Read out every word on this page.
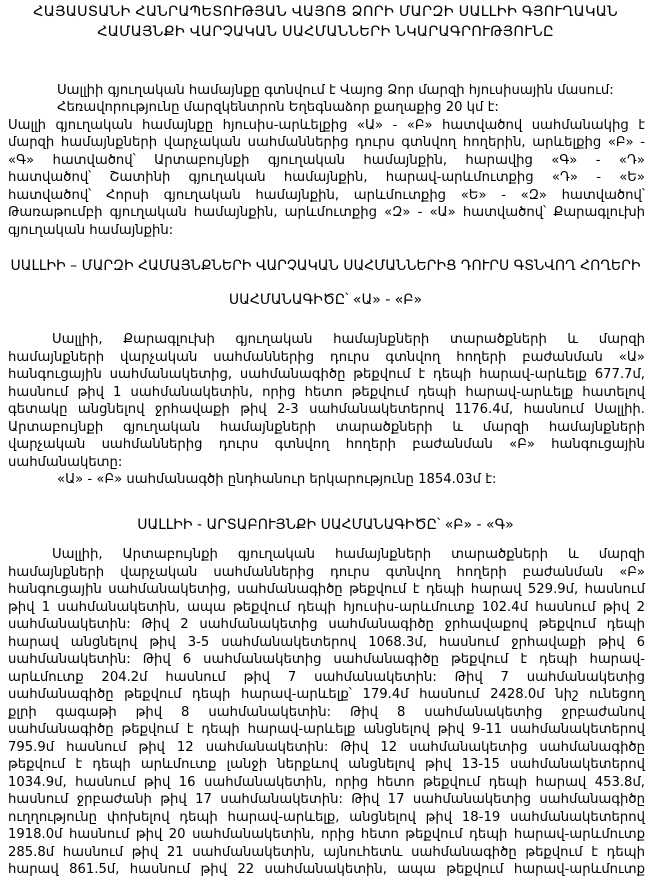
ՀԱՅԱՍՏԱՆԻ ՀԱՆՐԱՊԵՏՈՒԹՅԱՆ ՎԱՅՈՑ ՁՈՐԻ ՄԱՐԶԻ ՍԱԼԼԻԻ ԳՅՈՒՂԱԿԱՆ
ՀԱՄԱՅՆՔԻ ՎԱՐՉԱԿԱՆ ՍԱՀՄԱՆՆԵՐԻ ՆԿԱՐԱԳՐՈՒԹՅՈՒՆԸ
Սալլիի գյուղական համայնքը գտնվում է Վայոց Ձոր մարզի հյուսիսային մասում:
Հեռավորությունը մարզկենտրոն Եղեգնաձոր քաղաքից 20 կմ է:
Սալլի գյուղական համայնքը հյուսիս-արևելքից «Ա» - «Բ» հատվածով սահմանակից է
մարզի համայնքների վարչական սահմաններից դուրս գտնվող հողերին, արևելքից «Բ» -
«Գ» հատվածով՝ Արտաբույնքի գյուղական համայնքին, հարավից «Գ» - «Դ»
հատվածով՝ Շատինի գյուղական համայնքին, հարավ-արևմուտքից «Դ» - «Ե»
հատվածով՝ Հորսի գյուղական համայնքին, արևմուտքից «Ե» - «Զ» հատվածով՝
Թառաթումբի գյուղական համայնքին, արևմուտքից «Զ» - «Ա» հատվածով՝ Քարագլուխի
գյուղական համայնքին:
ՍԱԼԼԻԻ – ՄԱՐԶԻ ՀԱՄԱՅՆՔՆԵՐԻ ՎԱՐՉԱԿԱՆ ՍԱՀՄԱՆՆԵՐԻՑ ԴՈՒՐՍ ԳՏՆՎՈՂ ՀՈՂԵՐԻ
ՍԱՀՄԱՆԱԳԻԾԸ՝ «Ա» - «Բ»
Սալլիի, Քարագլուխի գյուղական համայնքների տարածքների և մարզի
համայնքների վարչական սահմաններից դուրս գտնվող հողերի բաժանման «Ա»
հանգուցային սահմանակետից, սահմանագիծը թեքվում է դեպի հարավ-արևելք 677.7մ,
հասնում թիվ 1 սահմանակետին, որից հետո թեքվում դեպի հարավ-արևելք հատելով
գետակը անցնելով ջրհավաքի թիվ 2-3 սահմանակետերով 1176.4մ, հասնում Սալլիի.
Արտաբույնքի գյուղական համայնքների տարածքների և մարզի համայնքների
վարչական սահմաններից դուրս գտնվող հողերի բաժանման «Բ» հանգուցային
սահմանակետը:
«Ա» - «Բ» սահմանագծի ընդհանուր երկարությունը 1854.03մ է:
ՍԱԼԼԻԻ - ԱՐՏԱԲՈՒՅՆՔԻ ՍԱՀՄԱՆԱԳԻԾԸ՝ «Բ» - «Գ»
Սալլիի, Արտաբույնքի գյուղական համայնքների տարածքների և մարզի
համայնքների վարչական սահմաններից դուրս գտնվող հողերի բաժանման «Բ»
հանգուցային սահմանակետից, սահմանագիծը թեքվում է դեպի հարավ 529.9մ, հասնում
թիվ 1 սահմանակետին, ապա թեքվում դեպի հյուսիս-արևմուտք 102.4մ հասնում թիվ 2
սահմանակետին: Թիվ 2 սահմանակետից սահմանագիծը ջրհավաքով թեքվում դեպի
հարավ անցնելով թիվ 3-5 սահմանակետերով 1068.3մ, հասնում ջրհավաքի թիվ 6
սահմանակետին: Թիվ 6 սահմանակետից սահմանագիծը թեքվում է դեպի հարավ-
արևմուտք 204.2մ հասնում թիվ 7 սահմանակետին: Թիվ 7 սահմանակետից
սահմանագիծը թեքվում դեպի հարավ-արևելք՝ 179.4մ հասնում 2428.0մ նիշ ունեցող
քլրի գագաթի թիվ 8 սահմանակետին: Թիվ 8 սահմանակետից ջրբաժանով
սահմանագիծը թեքվում է դեպի հարավ-արևելք անցնելով թիվ 9-11 սահմանակետերով
795.9մ հասնում թիվ 12 սահմանակետին: Թիվ 12 սահմանակետից սահմանագիծը
թեքվում է դեպի արևմուտք լանջի ներքևով անցնելով թիվ 13-15 սահմանակետերով
1034.9մ, հասնում թիվ 16 սահմանակետին, որից հետո թեքվում դեպի հարավ 453.8մ,
հասնում ջրբաժանի թիվ 17 սահմանակետին: Թիվ 17 սահմանակետից սահմանագիծը
ուղղությունը փոխելով դեպի հարավ-արևելք, անցնելով թիվ 18-19 սահմանակետերով
1918.0մ հասնում թիվ 20 սահմանակետին, որից հետո թեքվում դեպի հարավ-արևմուտք
285.8մ հասնում թիվ 21 սահմանակետին, այնուհետև սահմանագիծը թեքվում է դեպի
հարավ 861.5մ, հասնում թիվ 22 սահմանակետին, ապա թեքվում հարավ-արևմուտք
